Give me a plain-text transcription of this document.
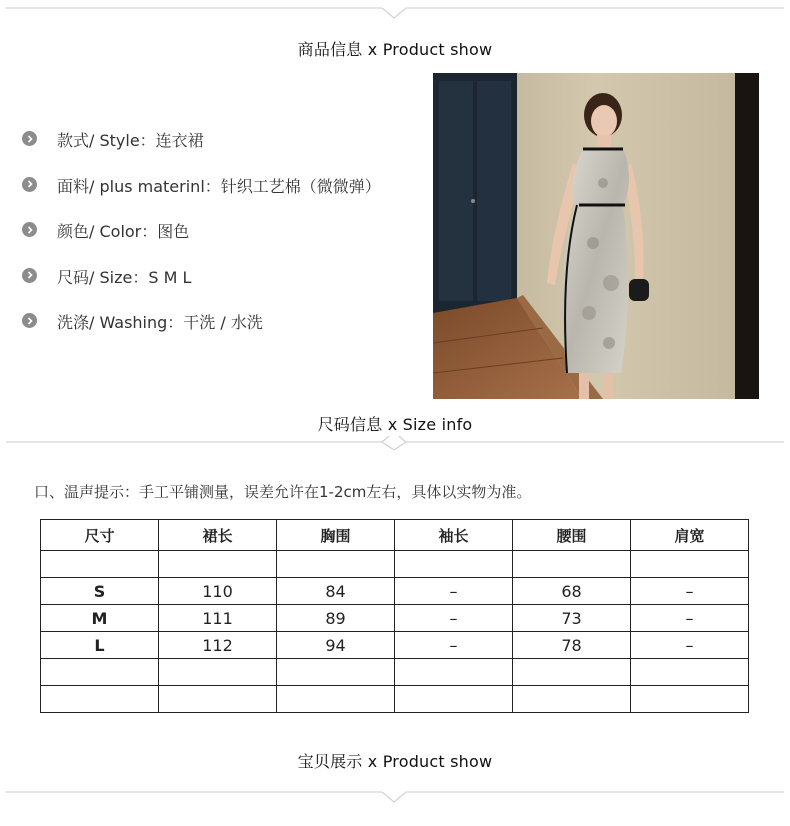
商品信息 x Product show
款式/ Style：连衣裙
面料/ plus materinl：针织工艺棉（微微弹）
颜色/ Color：图色
尺码/ Size：S M L
洗涤/ Washing：干洗 / 水洗
尺码信息 x Size info
口、温声提示：手工平铺测量，误差允许在1-2cm左右，具体以实物为准。
尺寸	裙长	胸围	袖长	腰围	肩宽

S	110	84	–	68	–
M	111	89	–	73	–
L	112	94	–	78	–

宝贝展示 x Product show
